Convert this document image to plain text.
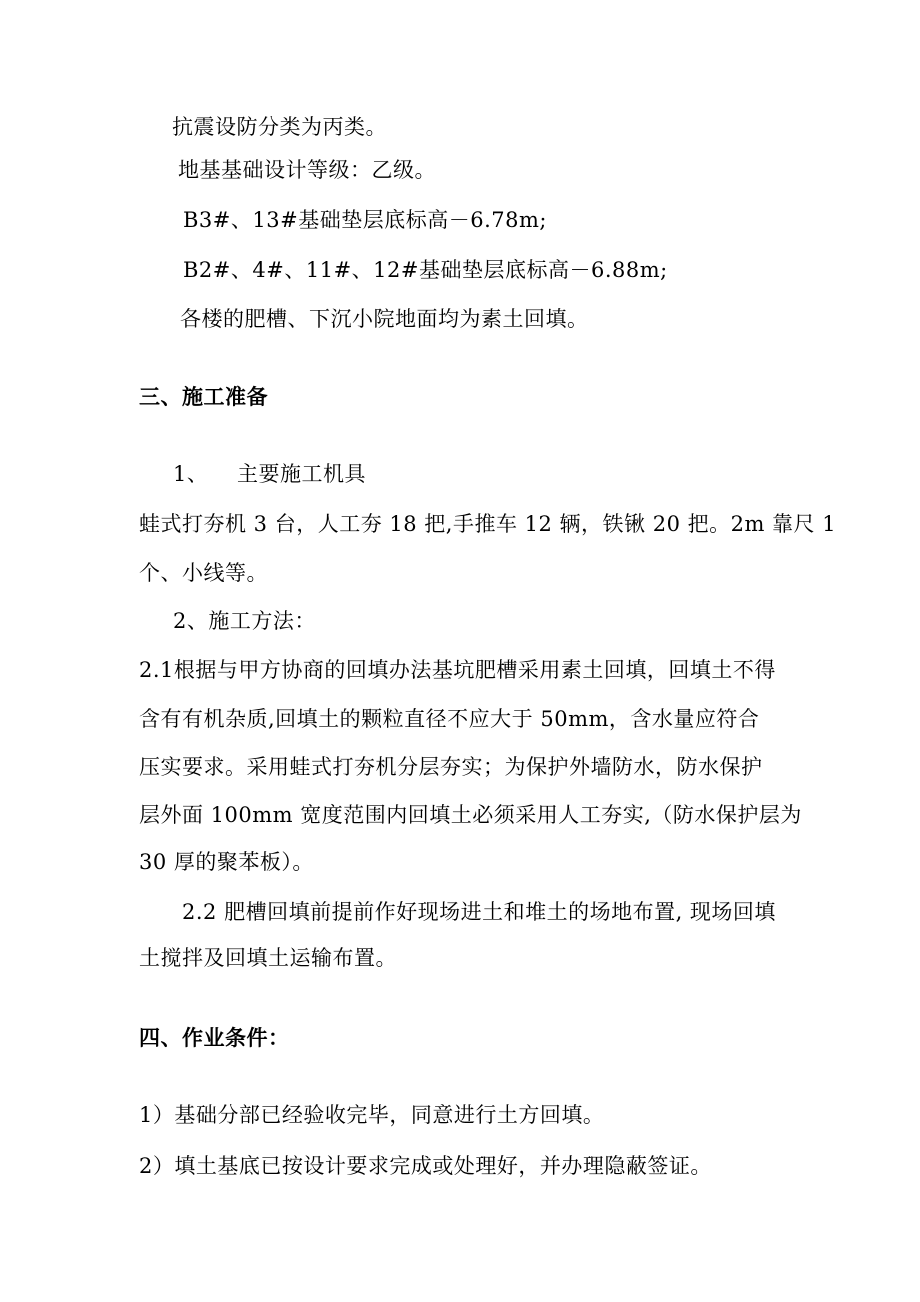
抗震设防分类为丙类。
地基基础设计等级：乙级。
B3#、13#基础垫层底标高－6.78m;
B2#、4#、11#、12#基础垫层底标高－6.88m;
各楼的肥槽、下沉小院地面均为素土回填。
三、施工准备
1、 主要施工机具
蛙式打夯机 3 台，人工夯 18 把,手推车 12 辆，铁锹 20 把。2m 靠尺 1
个、小线等。
2、施工方法：
2.1根据与甲方协商的回填办法基坑肥槽采用素土回填，回填土不得
含有有机杂质,回填土的颗粒直径不应大于 50mm，含水量应符合
压实要求。采用蛙式打夯机分层夯实；为保护外墙防水，防水保护
层外面 100mm 宽度范围内回填土必须采用人工夯实,（防水保护层为
30 厚的聚苯板）。
2.2 肥槽回填前提前作好现场进土和堆土的场地布置, 现场回填
土搅拌及回填土运输布置。
四、作业条件：
1）基础分部已经验收完毕，同意进行土方回填。
2）填土基底已按设计要求完成或处理好，并办理隐蔽签证。
